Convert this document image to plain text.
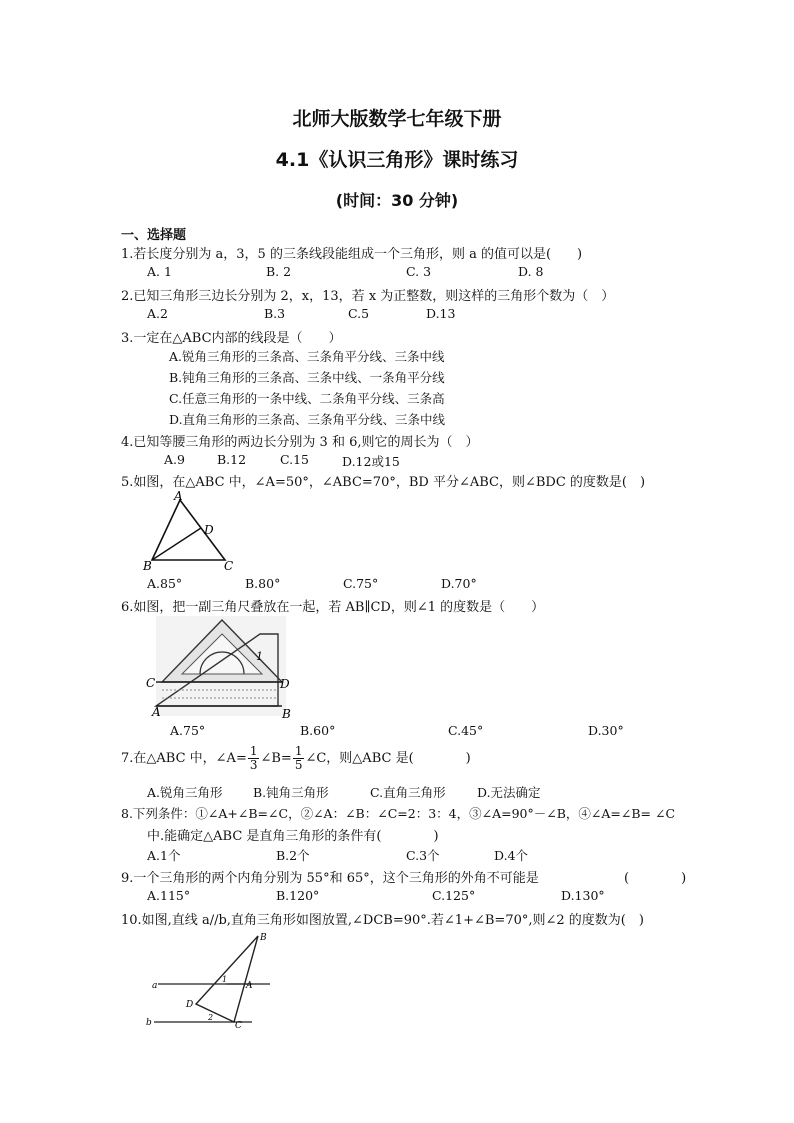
北师大版数学七年级下册
4.1《认识三角形》课时练习
(时间：30 分钟)
一、选择题
1.若长度分别为 a，3，5 的三条线段能组成一个三角形，则 a 的值可以是(　　)
A. 1	B. 2	C. 3	D. 8
2.已知三角形三边长分别为 2，x，13，若 x 为正整数，则这样的三角形个数为（　）
A.2	B.3	C.5	D.13
3.一定在△ABC内部的线段是（　　）
A.锐角三角形的三条高、三条角平分线、三条中线
B.钝角三角形的三条高、三条中线、一条角平分线
C.任意三角形的一条中线、二条角平分线、三条高
D.直角三角形的三条高、三条角平分线、三条中线
4.已知等腰三角形的两边长分别为 3 和 6,则它的周长为（　）
A.9	B.12	C.15	D.12或15
5.如图，在△ABC 中，∠A=50°，∠ABC=70°，BD 平分∠ABC，则∠BDC 的度数是(　)
A
B	C
D
A.85°	B.80°	C.75°	D.70°
6.如图，把一副三角尺叠放在一起，若 AB∥CD，则∠1 的度数是（　　）
C	D
A	B
1
A.75°	B.60°	C.45°	D.30°
7.在△ABC 中，∠A= $\frac{1}{3}$ ∠B= $\frac{1}{5}$ ∠C，则△ABC 是(　　　　)
A.锐角三角形 B.钝角三角形	C.直角三角形	D.无法确定
8.下列条件：①∠A+∠B=∠C，②∠A：∠B：∠C=2：3：4，③∠A=90°－∠B，④∠A=∠B= ∠C
中.能确定△ABC 是直角三角形的条件有(　　　　)
A.1个	B.2个	C.3个	D.4个
9.一个三角形的两个内角分别为 55°和 65°，这个三角形的外角不可能是	(　　　　)
A.115°	B.120°	C.125°	D.130°
10.如图,直线 a//b,直角三角形如图放置,∠DCB=90°.若∠1+∠B=70°,则∠2 的度数为(　)
B
A
D
C
a
b
1
2
